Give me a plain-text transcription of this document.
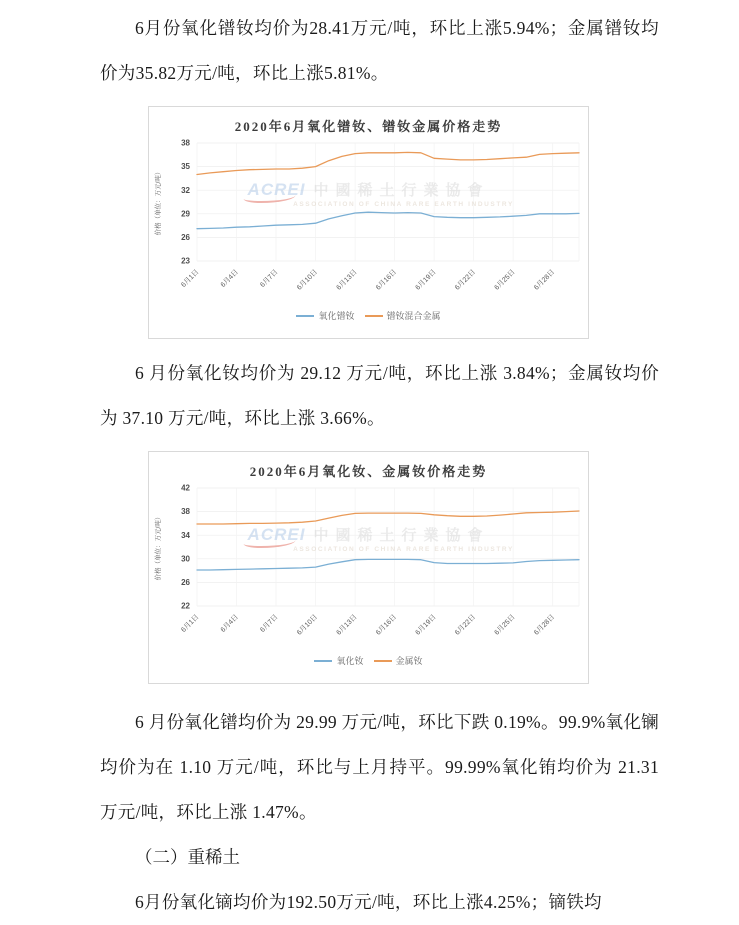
6月份氧化镨钕均价为28.41万元/吨，环比上涨5.94%；金属镨钕均价为35.82万元/吨，环比上涨5.81%。

2020年6月氧化镨钕、镨钕金属价格走势
23
26
29
32
35
38
6月1日	6月4日	6月7日 6月10日 6月13日 6月16日 6月19日 6月22日 6月25日 6月28日
价格（单位：万元/吨）
氧化镨钕	镨钕混合金属
ACREI 中國稀土行業協會
ASSOCIATION OF CHINA RARE EARTH INDUSTRY

6 月份氧化钕均价为 29.12 万元/吨，环比上涨 3.84%；金属钕均价为 37.10 万元/吨，环比上涨 3.66%。

2020年6月氧化钕、金属钕价格走势
22
26
30
34
38
42
6月1日	6月4日	6月7日 6月10日 6月13日 6月16日 6月19日 6月22日 6月25日 6月28日
价格（单位：万元/吨）
氧化钕	金属钕
ACREI 中國稀土行業協會
ASSOCIATION OF CHINA RARE EARTH INDUSTRY

6 月份氧化镨均价为 29.99 万元/吨，环比下跌 0.19%。99.9%氧化镧均价为在 1.10 万元/吨，环比与上月持平。99.99%氧化铕均价为 21.31 万元/吨，环比上涨 1.47%。

（二）重稀土

6月份氧化镝均价为192.50万元/吨，环比上涨4.25%；镝铁均
